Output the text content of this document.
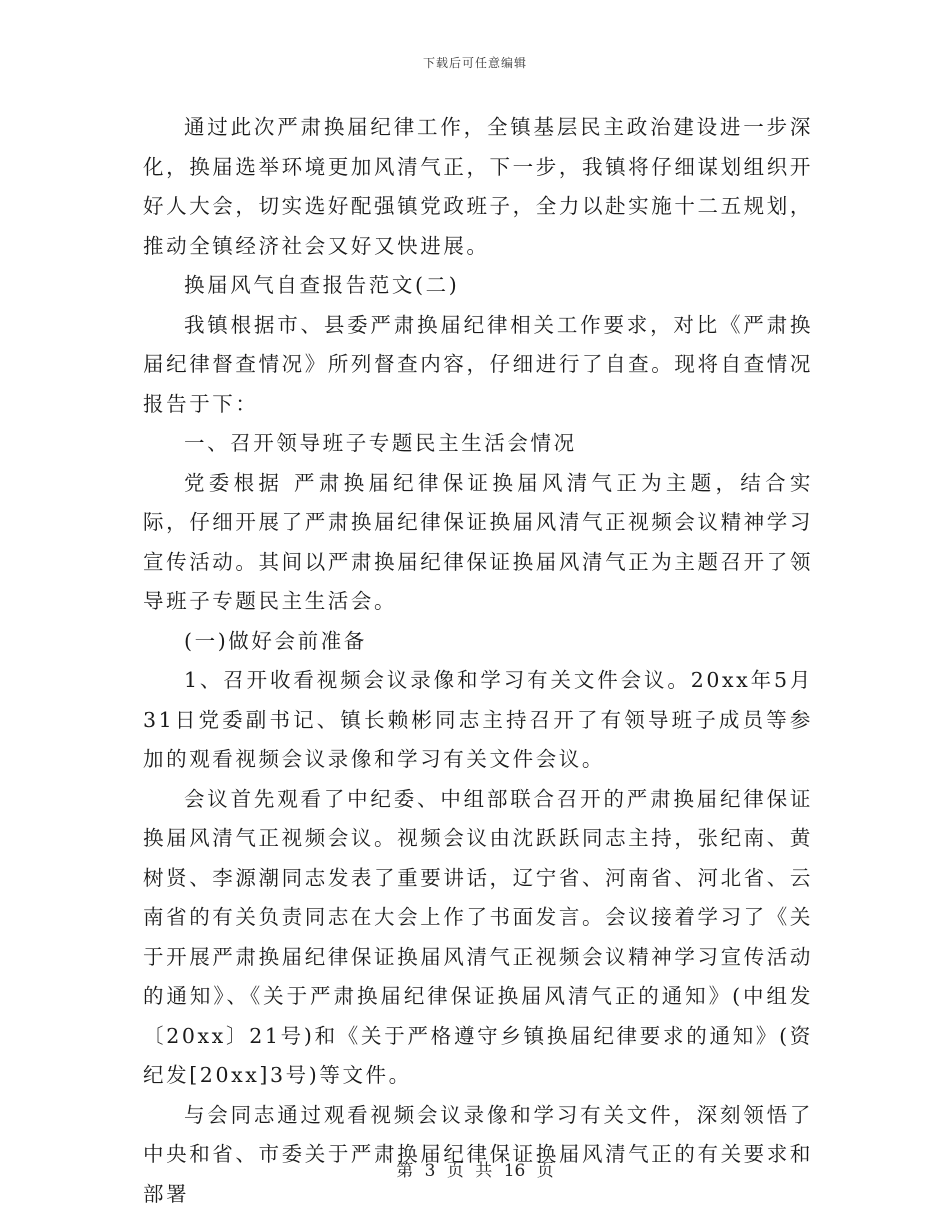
下载后可任意编辑

通过此次严肃换届纪律工作，全镇基层民主政治建设进一步深化，换届选举环境更加风清气正，下一步，我镇将仔细谋划组织开好人大会，切实选好配强镇党政班子，全力以赴实施十二五规划，推动全镇经济社会又好又快进展。

换届风气自查报告范文(二)

我镇根据市、县委严肃换届纪律相关工作要求，对比《严肃换届纪律督查情况》所列督查内容，仔细进行了自查。现将自查情况报告于下：

一、召开领导班子专题民主生活会情况

党委根据 严肃换届纪律保证换届风清气正为主题，结合实际，仔细开展了严肃换届纪律保证换届风清气正视频会议精神学习宣传活动。其间以严肃换届纪律保证换届风清气正为主题召开了领导班子专题民主生活会。

(一)做好会前准备

1、召开收看视频会议录像和学习有关文件会议。20xx年5月31日党委副书记、镇长赖彬同志主持召开了有领导班子成员等参加的观看视频会议录像和学习有关文件会议。

会议首先观看了中纪委、中组部联合召开的严肃换届纪律保证换届风清气正视频会议。视频会议由沈跃跃同志主持，张纪南、黄树贤、李源潮同志发表了重要讲话，辽宁省、河南省、河北省、云南省的有关负责同志在大会上作了书面发言。会议接着学习了《关于开展严肃换届纪律保证换届风清气正视频会议精神学习宣传活动的通知》、《关于严肃换届纪律保证换届风清气正的通知》(中组发〔20xx〕21号)和《关于严格遵守乡镇换届纪律要求的通知》(资纪发[20xx]3号)等文件。

与会同志通过观看视频会议录像和学习有关文件，深刻领悟了中央和省、市委关于严肃换届纪律保证换届风清气正的有关要求和部署

第 3 页 共 16 页
